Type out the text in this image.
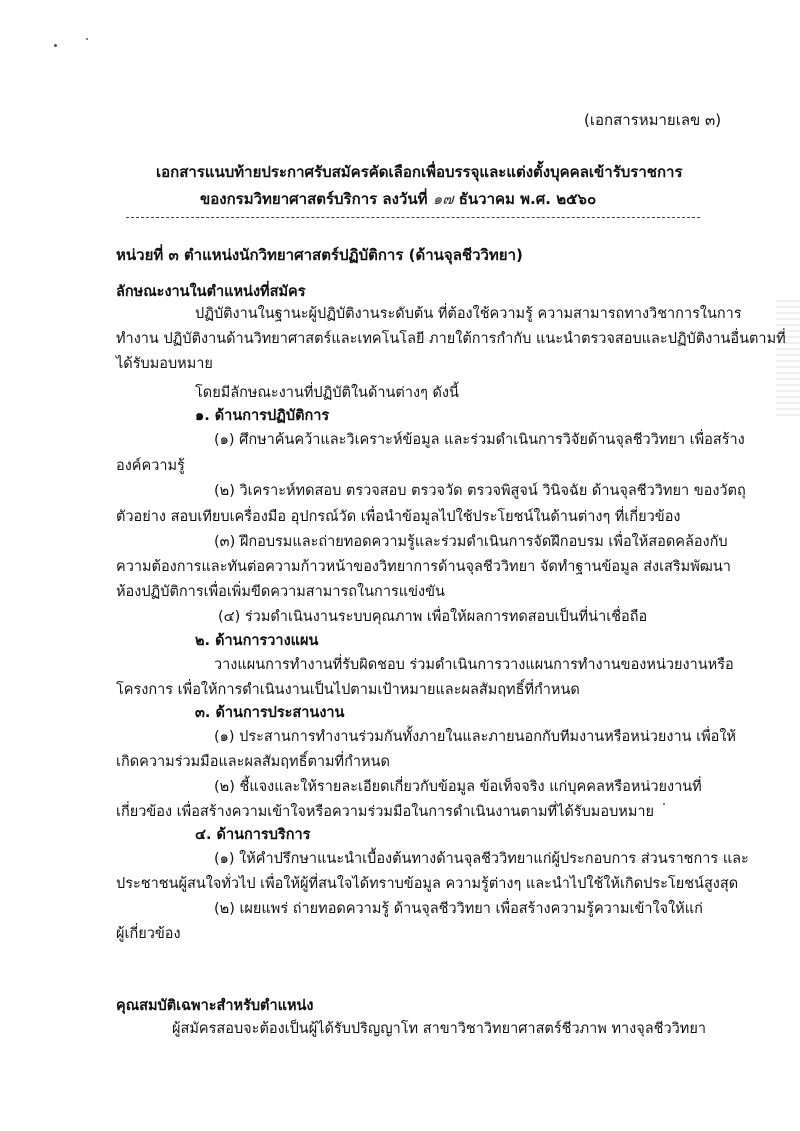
(เอกสารหมายเลข ๓)
เอกสารแนบท้ายประกาศรับสมัครคัดเลือกเพื่อบรรจุและแต่งตั้งบุคคลเข้ารับราชการ
ของกรมวิทยาศาสตร์บริการ ลงวันที่ ๑๗ ธันวาคม พ.ศ. ๒๕๖๐
หน่วยที่ ๓ ตำแหน่งนักวิทยาศาสตร์ปฏิบัติการ (ด้านจุลชีววิทยา)
ลักษณะงานในตำแหน่งที่สมัคร
ปฏิบัติงานในฐานะผู้ปฏิบัติงานระดับต้น ที่ต้องใช้ความรู้ ความสามารถทางวิชาการในการ
ทำงาน ปฏิบัติงานด้านวิทยาศาสตร์และเทคโนโลยี ภายใต้การกำกับ แนะนำตรวจสอบและปฏิบัติงานอื่นตามที่
ได้รับมอบหมาย
โดยมีลักษณะงานที่ปฏิบัติในด้านต่างๆ ดังนี้
๑. ด้านการปฏิบัติการ
(๑) ศึกษาค้นคว้าและวิเคราะห์ข้อมูล และร่วมดำเนินการวิจัยด้านจุลชีววิทยา เพื่อสร้าง
องค์ความรู้
(๒) วิเคราะห์ทดสอบ ตรวจสอบ ตรวจวัด ตรวจพิสูจน์ วินิจฉัย ด้านจุลชีววิทยา ของวัตถุ
ตัวอย่าง สอบเทียบเครื่องมือ อุปกรณ์วัด เพื่อนำข้อมูลไปใช้ประโยชน์ในด้านต่างๆ ที่เกี่ยวข้อง
(๓) ฝึกอบรมและถ่ายทอดความรู้และร่วมดำเนินการจัดฝึกอบรม เพื่อให้สอดคล้องกับ
ความต้องการและทันต่อความก้าวหน้าของวิทยาการด้านจุลชีววิทยา จัดทำฐานข้อมูล ส่งเสริมพัฒนา
ห้องปฏิบัติการเพื่อเพิ่มขีดความสามารถในการแข่งขัน
(๔) ร่วมดำเนินงานระบบคุณภาพ เพื่อให้ผลการทดสอบเป็นที่น่าเชื่อถือ
๒. ด้านการวางแผน
วางแผนการทำงานที่รับผิดชอบ ร่วมดำเนินการวางแผนการทำงานของหน่วยงานหรือ
โครงการ เพื่อให้การดำเนินงานเป็นไปตามเป้าหมายและผลสัมฤทธิ์ที่กำหนด
๓. ด้านการประสานงาน
(๑) ประสานการทำงานร่วมกันทั้งภายในและภายนอกกับทีมงานหรือหน่วยงาน เพื่อให้
เกิดความร่วมมือและผลสัมฤทธิ์ตามที่กำหนด
(๒) ชี้แจงและให้รายละเอียดเกี่ยวกับข้อมูล ข้อเท็จจริง แก่บุคคลหรือหน่วยงานที่
เกี่ยวข้อง เพื่อสร้างความเข้าใจหรือความร่วมมือในการดำเนินงานตามที่ได้รับมอบหมาย
๔. ด้านการบริการ
(๑) ให้คำปรึกษาแนะนำเบื้องต้นทางด้านจุลชีววิทยาแก่ผู้ประกอบการ ส่วนราชการ และ
ประชาชนผู้สนใจทั่วไป เพื่อให้ผู้ที่สนใจได้ทราบข้อมูล ความรู้ต่างๆ และนำไปใช้ให้เกิดประโยชน์สูงสุด
(๒) เผยแพร่ ถ่ายทอดความรู้ ด้านจุลชีววิทยา เพื่อสร้างความรู้ความเข้าใจให้แก่
ผู้เกี่ยวข้อง
คุณสมบัติเฉพาะสำหรับตำแหน่ง
ผู้สมัครสอบจะต้องเป็นผู้ได้รับปริญญาโท สาขาวิชาวิทยาศาสตร์ชีวภาพ ทางจุลชีววิทยา
